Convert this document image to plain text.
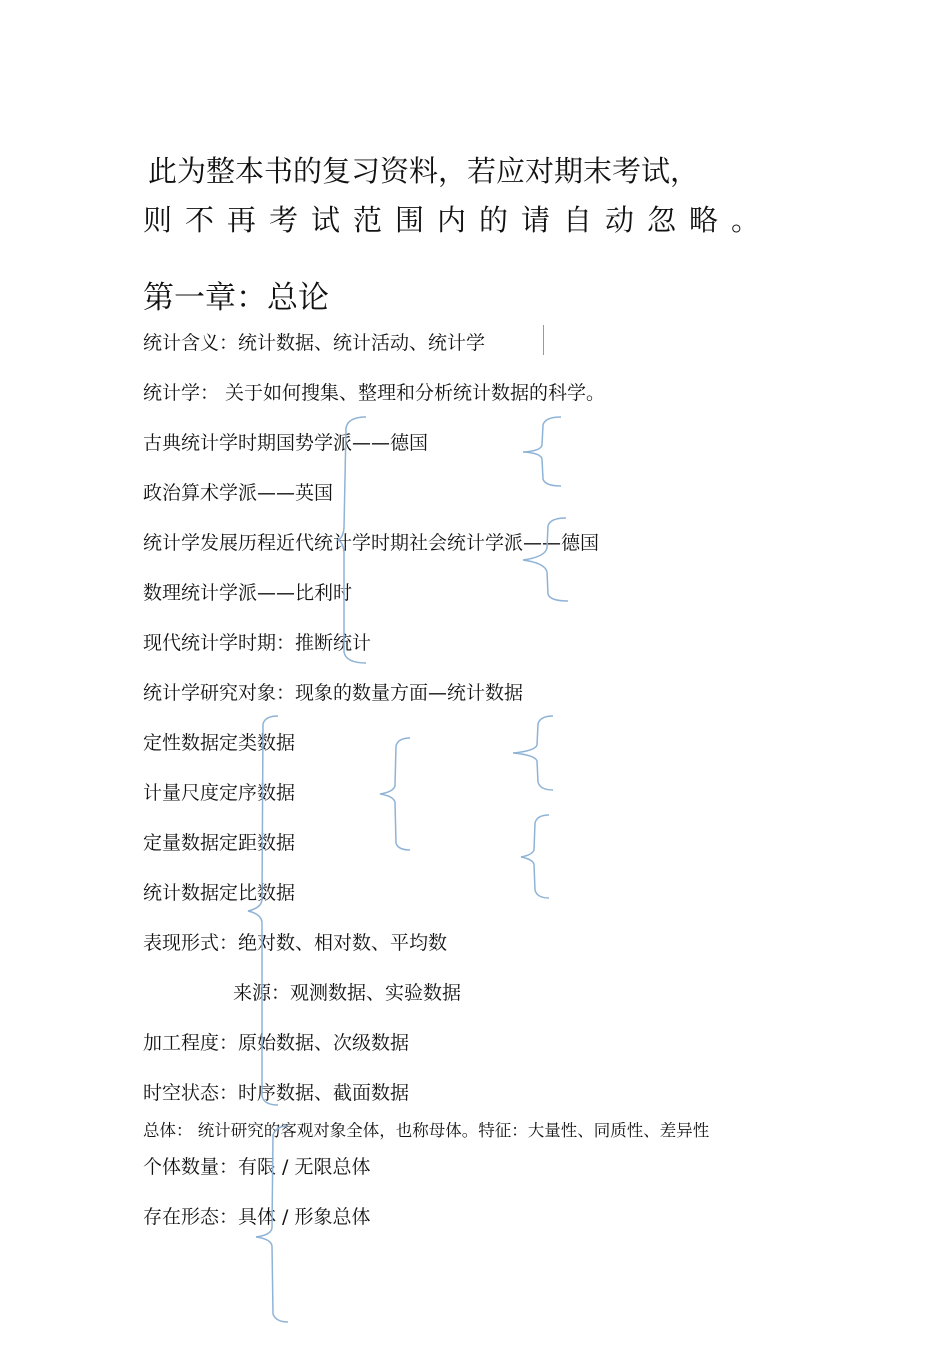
此为整本书的复习资料，若应对期末考试，
则不再考试范围内的请自动忽略。
第一章：总论
统计含义：统计数据、统计活动、统计学
统计学： 关于如何搜集、整理和分析统计数据的科学。
古典统计学时期国势学派——德国
政治算术学派——英国
统计学发展历程近代统计学时期社会统计学派——德国
数理统计学派——比利时
现代统计学时期：推断统计
统计学研究对象：现象的数量方面—统计数据
定性数据定类数据
计量尺度定序数据
定量数据定距数据
统计数据定比数据
表现形式：绝对数、相对数、平均数
来源：观测数据、实验数据
加工程度：原始数据、次级数据
时空状态：时序数据、截面数据
总体： 统计研究的客观对象全体，也称母体。特征：大量性、同质性、差异性
个体数量：有限 / 无限总体
存在形态：具体 / 形象总体
